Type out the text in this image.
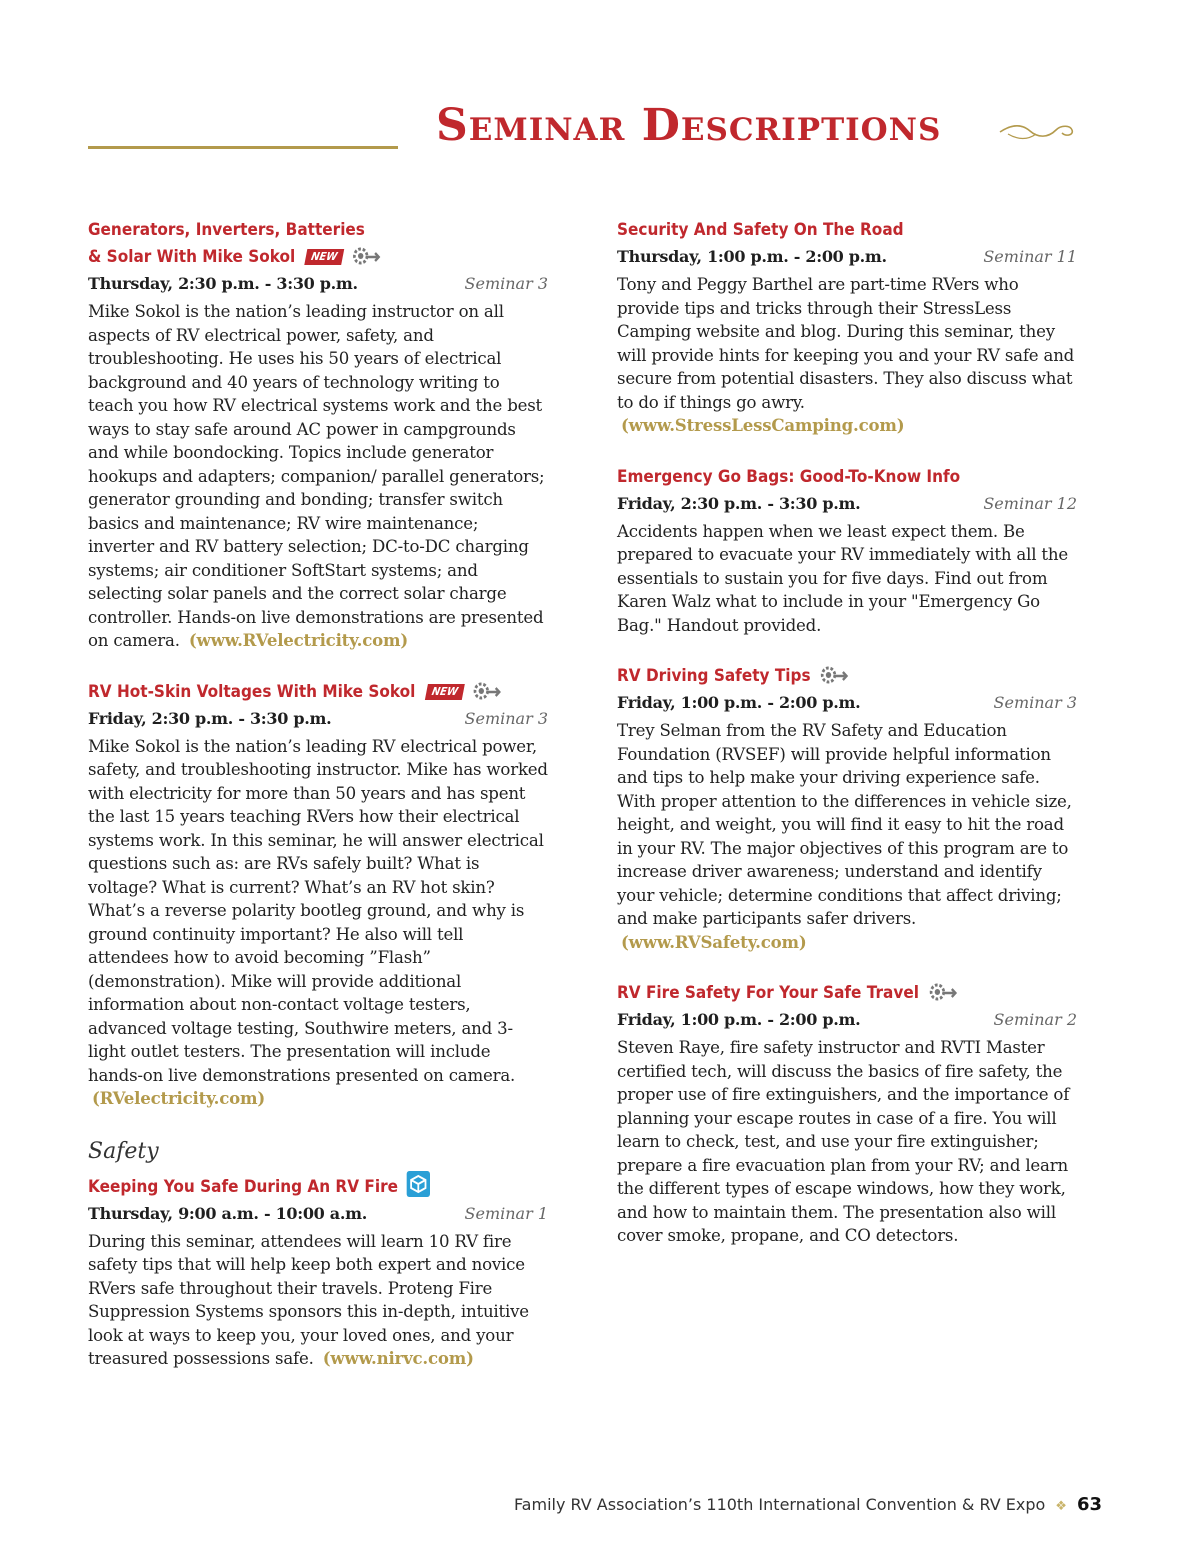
Seminar Descriptions
Generators, Inverters, Batteries
& Solar With Mike Sokol NEW
Thursday, 2:30 p.m. - 3:30 p.m.	Seminar 3

Mike Sokol is the nation’s leading instructor on all aspects of RV electrical power, safety, and troubleshooting. He uses his 50 years of electrical background and 40 years of technology writing to teach you how RV electrical systems work and the best ways to stay safe around AC power in campgrounds and while boondocking. Topics include generator hookups and adapters; companion/ parallel generators; generator grounding and bonding; transfer switch basics and maintenance; RV wire maintenance; inverter and RV battery selection; DC-to-DC charging systems; air conditioner SoftStart systems; and selecting solar panels and the correct solar charge controller. Hands-on live demonstrations are presented on camera. (www.RVelectricity.com)

RV Hot-Skin Voltages With Mike Sokol NEW
Friday, 2:30 p.m. - 3:30 p.m.	Seminar 3

Mike Sokol is the nation’s leading RV electrical power, safety, and troubleshooting instructor. Mike has worked with electricity for more than 50 years and has spent the last 15 years teaching RVers how their electrical systems work. In this seminar, he will answer electrical questions such as: are RVs safely built? What is voltage? What is current? What’s an RV hot skin? What’s a reverse polarity bootleg ground, and why is ground continuity important? He also will tell attendees how to avoid becoming ”Flash” (demonstration). Mike will provide additional information about non-contact voltage testers, advanced voltage testing, Southwire meters, and 3-light outlet testers. The presentation will include hands-on live demonstrations presented on camera. (RVelectricity.com)

Safety
Keeping You Safe During An RV Fire
Thursday, 9:00 a.m. - 10:00 a.m.	Seminar 1

During this seminar, attendees will learn 10 RV fire safety tips that will help keep both expert and novice RVers safe throughout their travels. Proteng Fire Suppression Systems sponsors this in-depth, intuitive look at ways to keep you, your loved ones, and your treasured possessions safe. (www.nirvc.com)

Security And Safety On The Road
Thursday, 1:00 p.m. - 2:00 p.m.	Seminar 11

Tony and Peggy Barthel are part-time RVers who provide tips and tricks through their StressLess Camping website and blog. During this seminar, they will provide hints for keeping you and your RV safe and secure from potential disasters. They also discuss what to do if things go awry. (www.StressLessCamping.com)

Emergency Go Bags: Good-To-Know Info
Friday, 2:30 p.m. - 3:30 p.m.	Seminar 12

Accidents happen when we least expect them. Be prepared to evacuate your RV immediately with all the essentials to sustain you for five days. Find out from Karen Walz what to include in your "Emergency Go Bag." Handout provided.

RV Driving Safety Tips
Friday, 1:00 p.m. - 2:00 p.m.	Seminar 3

Trey Selman from the RV Safety and Education Foundation (RVSEF) will provide helpful information and tips to help make your driving experience safe. With proper attention to the differences in vehicle size, height, and weight, you will find it easy to hit the road in your RV. The major objectives of this program are to increase driver awareness; understand and identify your vehicle; determine conditions that affect driving; and make participants safer drivers. (www.RVSafety.com)

RV Fire Safety For Your Safe Travel
Friday, 1:00 p.m. - 2:00 p.m.	Seminar 2

Steven Raye, fire safety instructor and RVTI Master certified tech, will discuss the basics of fire safety, the proper use of fire extinguishers, and the importance of planning your escape routes in case of a fire. You will learn to check, test, and use your fire extinguisher; prepare a fire evacuation plan from your RV; and learn the different types of escape windows, how they work, and how to maintain them. The presentation also will cover smoke, propane, and CO detectors.

Family RV Association’s 110th International Convention & RV Expo ❖ 63
